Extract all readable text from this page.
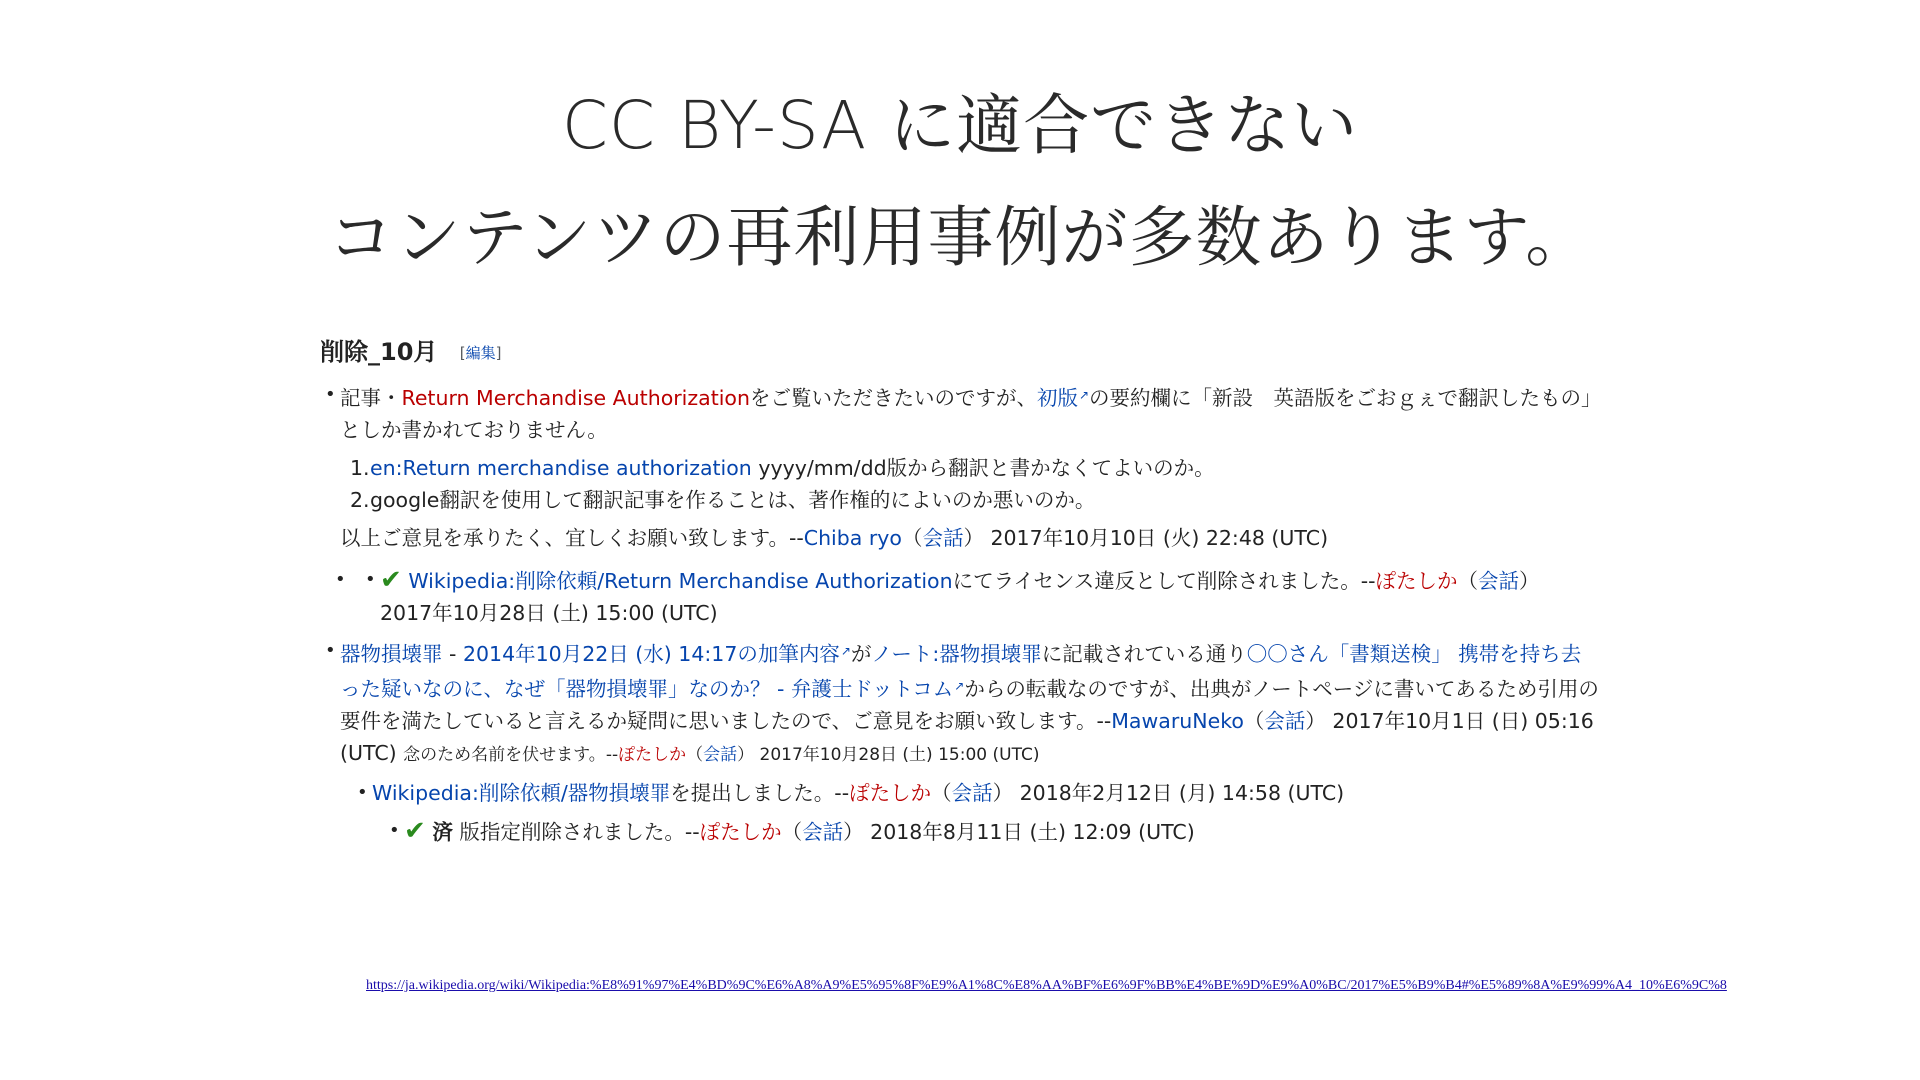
CC BY-SA に適合できない
コンテンツの再利用事例が多数あります。
削除_10月 [編集]
• 記事・Return Merchandise Authorizationをご覧いただきたいのですが、初版 ↗ の要約欄に「新設　英語版をごおｇぇで翻訳したもの」としか書かれておりません。
1. en:Return merchandise authorization yyyy/mm/dd版から翻訳と書かなくてよいのか。
2. google翻訳を使用して翻訳記事を作ることは、著作権的によいのか悪いのか。
以上ご意見を承りたく、宜しくお願い致します。--Chiba ryo（会話） 2017年10月10日 (火) 22:48 (UTC)
• • ✔ Wikipedia:削除依頼/Return Merchandise Authorizationにてライセンス違反として削除されました。--ぽたしか（会話）
2017年10月28日 (土) 15:00 (UTC)
• 器物損壊罪 - 2014年10月22日 (水) 14:17の加筆内容 ↗ がノート:器物損壊罪に記載されている通り〇〇さん「書類送検」 携帯を持ち去った疑いなのに、なぜ「器物損壊罪」なのか？ - 弁護士ドットコム ↗ からの転載なのですが、出典がノートページに書いてあるため引用の要件を満たしていると言えるか疑問に思いましたので、ご意見をお願い致します。--MawaruNeko（会話） 2017年10月1日 (日) 05:16 (UTC) 念のため名前を伏せます。--ぽたしか（会話） 2017年10月28日 (土) 15:00 (UTC)
• Wikipedia:削除依頼/器物損壊罪を提出しました。--ぽたしか（会話） 2018年2月12日 (月) 14:58 (UTC)
• ✔ 済 版指定削除されました。--ぽたしか（会話） 2018年8月11日 (土) 12:09 (UTC)
https://ja.wikipedia.org/wiki/Wikipedia:%E8%91%97%E4%BD%9C%E6%A8%A9%E5%95%8F%E9%A1%8C%E8%AA%BF%E6%9F%BB%E4%BE%9D%E9%A0%BC/2017%E5%B9%B4#%E5%89%8A%E9%99%A4_10%E6%9C%8
